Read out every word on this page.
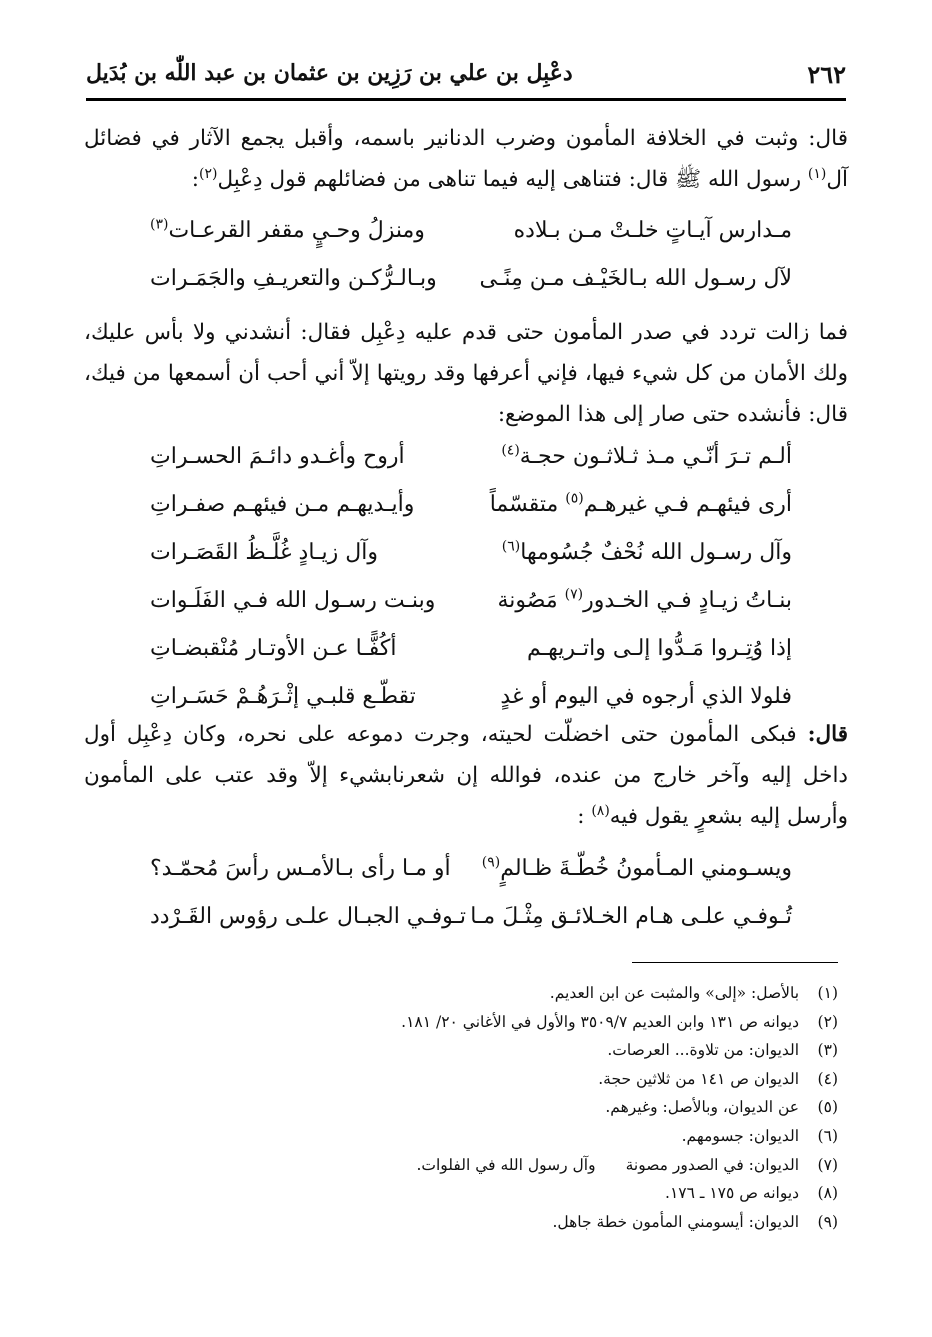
٢٦٢
دعْبِل بن علي بن رَزِين بن عثمان بن عبد اللّٰه بن بُدَيل

قال: وثبت في الخلافة المأمون وضرب الدنانير باسمه، وأقبل يجمع الآثار في فضائل آل$^{(١)}$ رسول الله ﷺ قال: فتناهى إليه فيما تناهى من فضائلهم قول دِعْبِل$^{(٢)}$:

مـدارس آيـاتٍ خلـتْ مـن بـلاده
ومنزلُ وحـيٍ مقفر القرعـات$^{(٣)}$
لآل رسـول الله بـالخَيْـف مـن مِنًـى
وبـالـرُّكـن والتعريـفِ والجَمَـرات

فما زالت تردد في صدر المأمون حتى قدم عليه دِعْبِل فقال: أنشدني ولا بأس عليك، ولك الأمان من كل شيء فيها، فإني أعرفها وقد رويتها إلاّ أني أحب أن أسمعها من فيك، قال: فأنشده حتى صار إلى هذا الموضع:

ألـم تـرَ أنّـي مـذ ثـلاثـون حجـة$^{(٤)}$
أروح وأغـدو دائـمَ الحسـراتِ
أرى فيئهـم فـي غيرهـم$^{(٥)}$ متقسّماً
وأيـديهـم مـن فيئهـم صفـراتِ
وآل رسـول الله نُحْفٌ جُسُومها$^{(٦)}$
وآل زيـادٍ غُلَّـظُ القَصَـرات
بنـاتُ زيـادٍ فـي الخـدور$^{(٧)}$ مَصُونة
وبنـت رسـول الله فـي الفَلَـوات
إذا وُتِـروا مَـدُّوا إلـى واتـريهـم
أكُفًّـا عـن الأوتـار مُنْقبضـاتِ
فلولا الذي أرجوه في اليوم أو غدٍ
تقطّـع قلبـي إثْـرَهُـمْ حَسَـراتِ

قال: فبكى المأمون حتى اخضلّت لحيته، وجرت دموعه على نحره، وكان دِعْبِل أول داخل إليه وآخر خارج من عنده، فوالله إن شعرنابشيء إلاّ وقد عتب على المأمون وأرسل إليه بشعرٍ يقول فيه$^{(٨)}$ :

ويسـومني المـأمونُ خُطّـةَ ظـالمٍ$^{(٩)}$
أو مـا رأى بـالأمـس رأسَ مُحمّـد؟
تُـوفـي علـى هـام الخـلائـق مِثْـلَ مـا
تـوفـي الجبـال علـى رؤوس القَـرْدد
(١) بالأصل: «إلى» والمثبت عن ابن العديم.
(٢) ديوانه ص ١٣١ وابن العديم ٣٥٠٩/٧ والأول في الأغاني ٢٠/ ١٨١.
(٣) الديوان: من تلاوة... العرصات.
(٤) الديوان ص ١٤١ من ثلاثين حجة.
(٥) عن الديوان، وبالأصل: وغيرهم.
(٦) الديوان: جسومهم.
(٧) الديوان: في الصدور مصونةوآل رسول الله في الفلوات.
(٨) ديوانه ص ١٧٥ ـ ١٧٦.
(٩) الديوان: أيسومني المأمون خطة جاهل.
